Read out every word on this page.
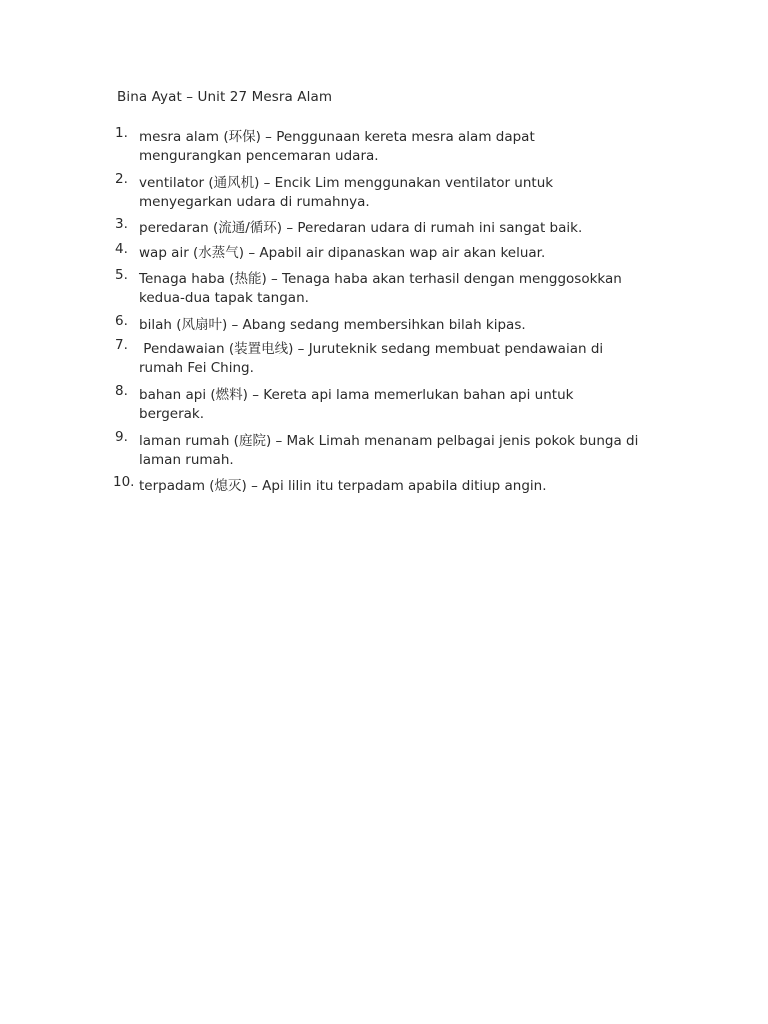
Bina Ayat – Unit 27 Mesra Alam
1. mesra alam (环保) – Penggunaan kereta mesra alam dapat
mengurangkan pencemaran udara.
2. ventilator (通风机) – Encik Lim menggunakan ventilator untuk
menyegarkan udara di rumahnya.
3. peredaran (流通/循环) – Peredaran udara di rumah ini sangat baik.
4. wap air (水蒸气) – Apabil air dipanaskan wap air akan keluar.
5. Tenaga haba (热能) – Tenaga haba akan terhasil dengan menggosokkan
kedua-dua tapak tangan.
6. bilah (风扇叶) – Abang sedang membersihkan bilah kipas.
7. Pendawaian (装置电线) – Juruteknik sedang membuat pendawaian di
rumah Fei Ching.
8. bahan api (燃料) – Kereta api lama memerlukan bahan api untuk
bergerak.
9. laman rumah (庭院) – Mak Limah menanam pelbagai jenis pokok bunga di
laman rumah.
10. terpadam (熄灭) – Api lilin itu terpadam apabila ditiup angin.
